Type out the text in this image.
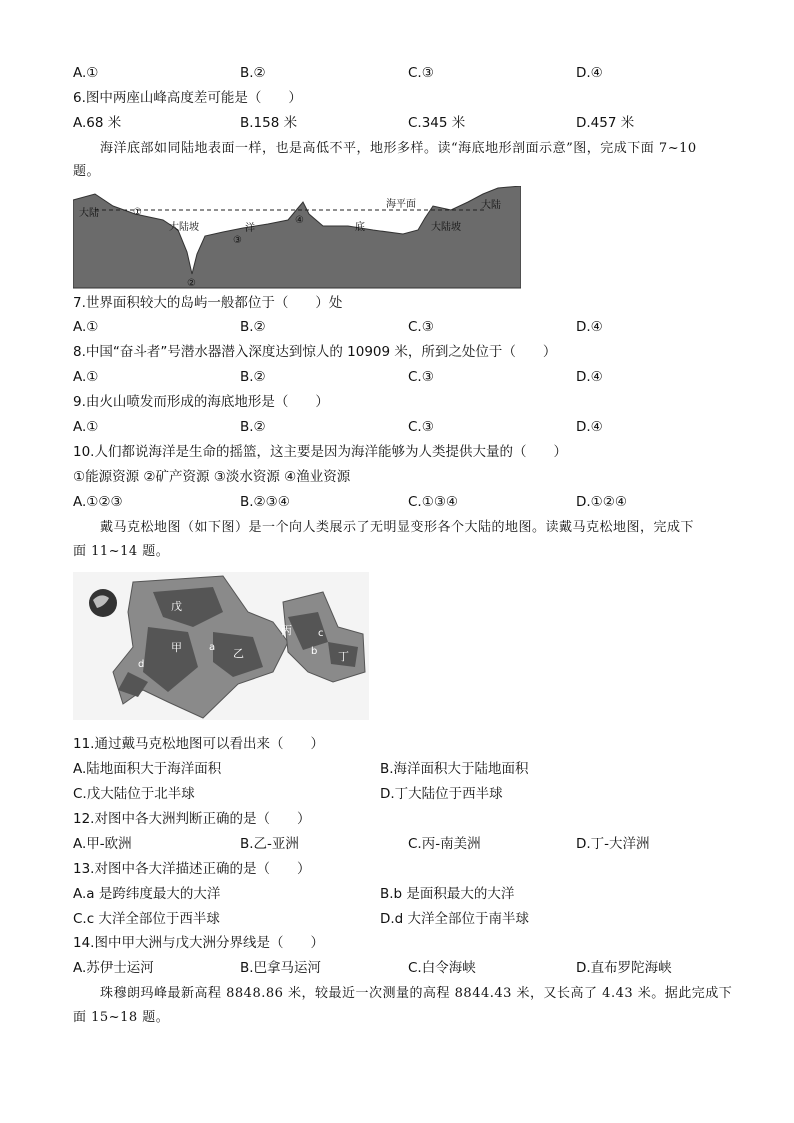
A.①	B.②	C.③	D.④
6.图中两座山峰高度差可能是（　　）
A.68 米	B.158 米	C.345 米	D.457 米
海洋底部如同陆地表面一样，也是高低不平，地形多样。读“海底地形剖面示意”图，完成下面 7~10
题。
大陆
大陆
海平面
①
大陆坡
②
③
洋
④
底	大陆坡
7.世界面积较大的岛屿一般都位于（　　）处
A.①	B.②	C.③	D.④
8.中国“奋斗者”号潜水器潜入深度达到惊人的 10909 米，所到之处位于（　　）
A.①	B.②	C.③	D.④
9.由火山喷发而形成的海底地形是（　　）
A.①	B.②	C.③	D.④
10.人们都说海洋是生命的摇篮，这主要是因为海洋能够为人类提供大量的（　　）
①能源资源 ②矿产资源 ③淡水资源 ④渔业资源
A.①②③	B.②③④	C.①③④	D.①②④
戴马克松地图（如下图）是一个向人类展示了无明显变形各个大陆的地图。读戴马克松地图，完成下
面 11~14 题。
戊
甲	乙
丙
丁
a	b
c
d
11.通过戴马克松地图可以看出来（　　）
A.陆地面积大于海洋面积	B.海洋面积大于陆地面积
C.戊大陆位于北半球	D.丁大陆位于西半球
12.对图中各大洲判断正确的是（　　）
A.甲-欧洲	B.乙-亚洲	C.丙-南美洲	D.丁-大洋洲
13.对图中各大洋描述正确的是（　　）
A.a 是跨纬度最大的大洋	B.b 是面积最大的大洋
C.c 大洋全部位于西半球	D.d 大洋全部位于南半球
14.图中甲大洲与戊大洲分界线是（　　）
A.苏伊士运河	B.巴拿马运河	C.白令海峡	D.直布罗陀海峡
珠穆朗玛峰最新高程 8848.86 米，较最近一次测量的高程 8844.43 米，又长高了 4.43 米。据此完成下
面 15~18 题。
